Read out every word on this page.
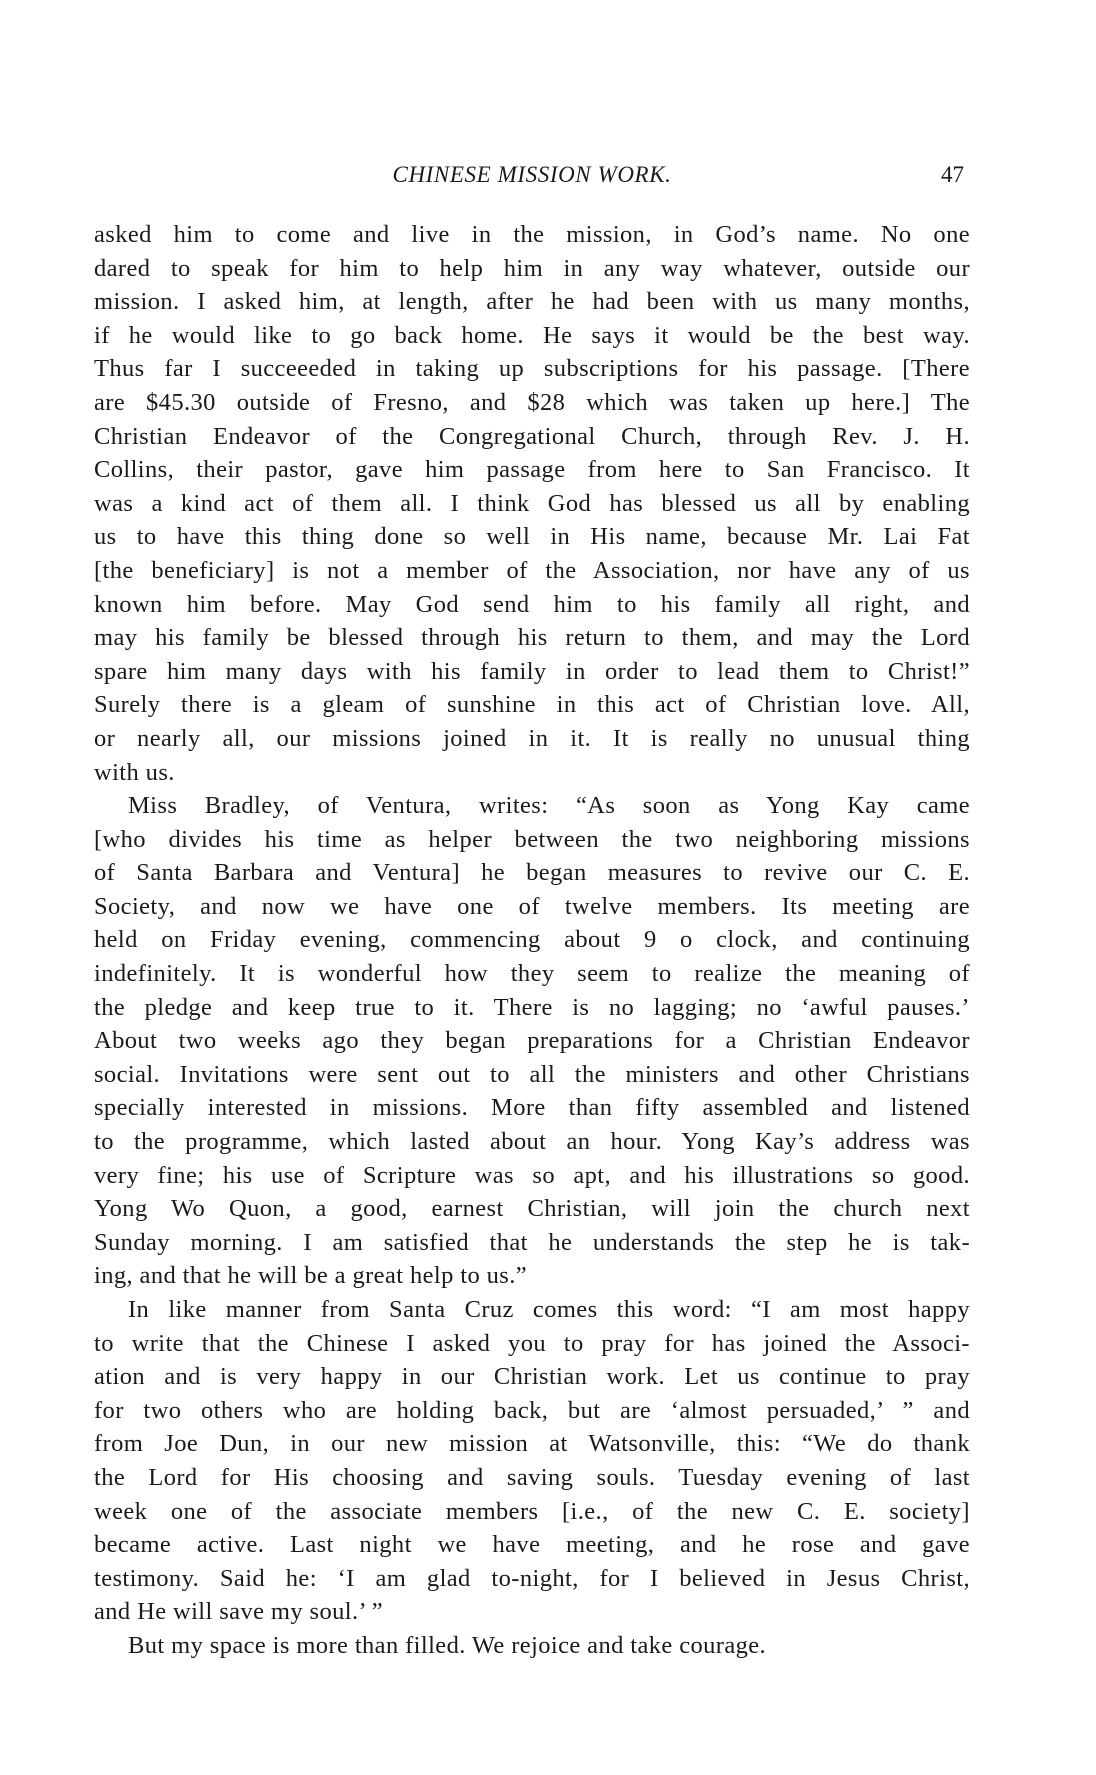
CHINESE MISSION WORK.	47
asked him to come and live in the mission, in God’s name. No one
dared to speak for him to help him in any way whatever, outside our
mission. I asked him, at length, after he had been with us many months,
if he would like to go back home. He says it would be the best way.
Thus far I succeeeded in taking up subscriptions for his passage. [There
are $45.30 outside of Fresno, and $28 which was taken up here.] The
Christian Endeavor of the Congregational Church, through Rev. J. H.
Collins, their pastor, gave him passage from here to San Francisco. It
was a kind act of them all. I think God has blessed us all by enabling
us to have this thing done so well in His name, because Mr. Lai Fat
[the beneficiary] is not a member of the Association, nor have any of us
known him before. May God send him to his family all right, and
may his family be blessed through his return to them, and may the Lord
spare him many days with his family in order to lead them to Christ!”
Surely there is a gleam of sunshine in this act of Christian love. All,
or nearly all, our missions joined in it. It is really no unusual thing
with us.
Miss Bradley, of Ventura, writes: “As soon as Yong Kay came
[who divides his time as helper between the two neighboring missions
of Santa Barbara and Ventura] he began measures to revive our C. E.
Society, and now we have one of twelve members. Its meeting are
held on Friday evening, commencing about 9 o clock, and continuing
indefinitely. It is wonderful how they seem to realize the meaning of
the pledge and keep true to it. There is no lagging; no ‘awful pauses.’
About two weeks ago they began preparations for a Christian Endeavor
social. Invitations were sent out to all the ministers and other Christians
specially interested in missions. More than fifty assembled and listened
to the programme, which lasted about an hour. Yong Kay’s address was
very fine; his use of Scripture was so apt, and his illustrations so good.
Yong Wo Quon, a good, earnest Christian, will join the church next
Sunday morning. I am satisfied that he understands the step he is tak-
ing, and that he will be a great help to us.”
In like manner from Santa Cruz comes this word: “I am most happy
to write that the Chinese I asked you to pray for has joined the Associ-
ation and is very happy in our Christian work. Let us continue to pray
for two others who are holding back, but are ‘almost persuaded,’ ” and
from Joe Dun, in our new mission at Watsonville, this: “We do thank
the Lord for His choosing and saving souls. Tuesday evening of last
week one of the associate members [i.e., of the new C. E. society]
became active. Last night we have meeting, and he rose and gave
testimony. Said he: ‘I am glad to-night, for I believed in Jesus Christ,
and He will save my soul.’ ”
But my space is more than filled. We rejoice and take courage.
